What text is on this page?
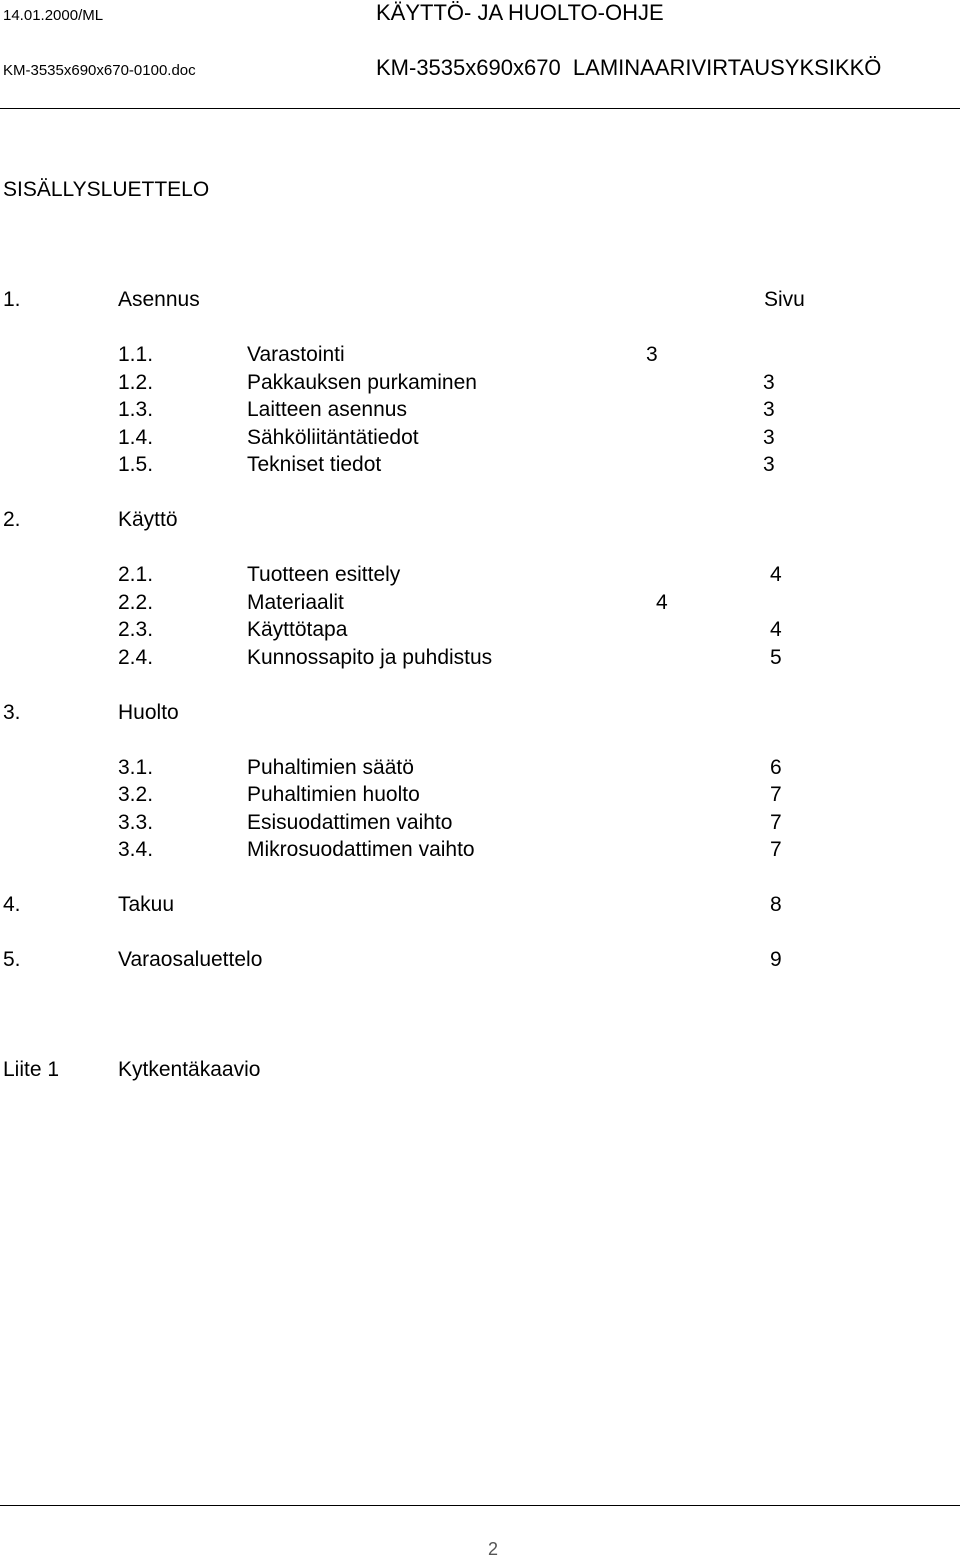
14.01.2000/ML	KÄYTTÖ- JA HUOLTO-OHJE
KM-3535x690x670-0100.doc	KM-3535x690x670  LAMINAARIVIRTAUSYKSIKKÖ
SISÄLLYSLUETTELO
1.	Asennus	Sivu
1.1.	Varastointi	3
1.2.	Pakkauksen purkaminen	3
1.3.	Laitteen asennus	3
1.4.	Sähköliitäntätiedot	3
1.5.	Tekniset tiedot	3
2.	Käyttö
2.1.	Tuotteen esittely	4
2.2.	Materiaalit	4
2.3.	Käyttötapa	4
2.4.	Kunnossapito ja puhdistus	5
3.	Huolto
3.1.	Puhaltimien säätö	6
3.2.	Puhaltimien huolto	7
3.3.	Esisuodattimen vaihto	7
3.4.	Mikrosuodattimen vaihto	7
4.	Takuu	8
5.	Varaosaluettelo	9
Liite 1	Kytkentäkaavio
2
